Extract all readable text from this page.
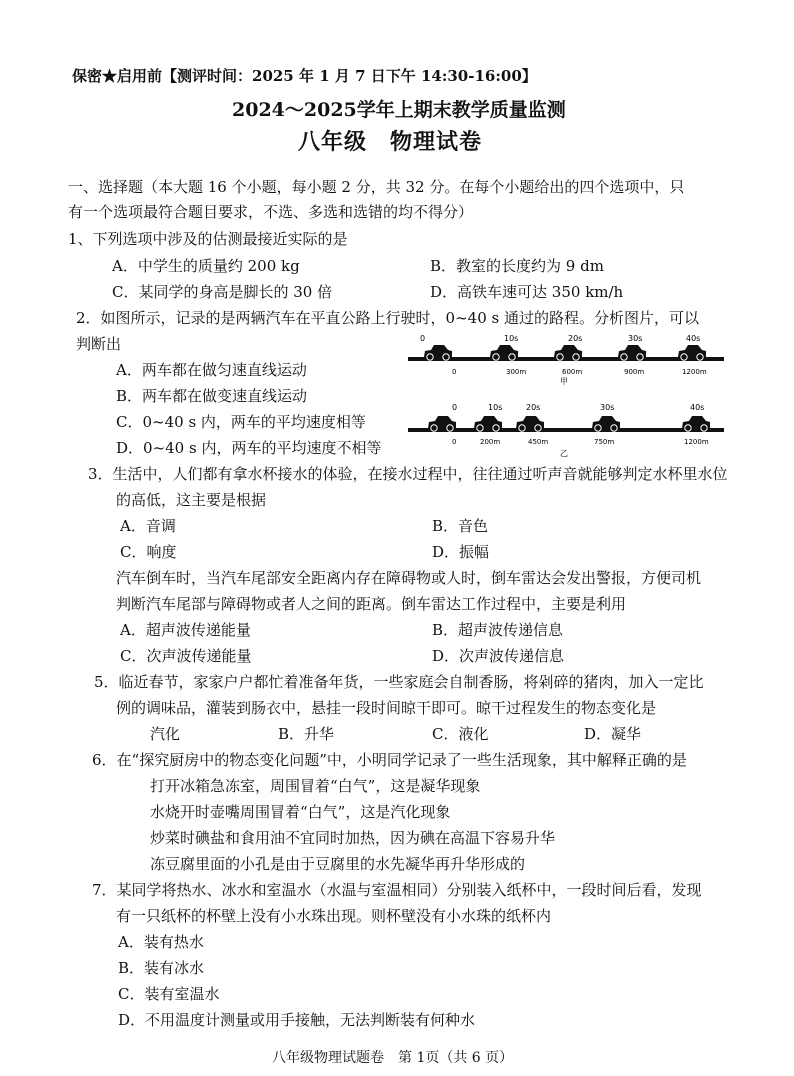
保密★启用前【测评时间：2025 年 1 月 7 日下午 14:30-16:00】
2024～2025学年上期末教学质量监测
八年级　物理试卷
一、选择题（本大题 16 个小题，每小题 2 分，共 32 分。在每个小题给出的四个选项中，只
有一个选项最符合题目要求，不选、多选和选错的均不得分）
1、下列选项中涉及的估测最接近实际的是
A．中学生的质量约 200 kg	B．教室的长度约为 9 dm
C．某同学的身高是脚长的 30 倍	D．高铁车速可达 350 km/h
2．如图所示，记录的是两辆汽车在平直公路上行驶时，0~40 s 通过的路程。分析图片，可以
判断出
A．两车都在做匀速直线运动
B．两车都在做变速直线运动
C．0~40 s 内，两车的平均速度相等
D．0~40 s 内，两车的平均速度不相等
0	10s	20s	30s	40s
0	300m	600m	900m	1200m
甲
0	10s	20s	30s	40s
0	200m	450m	750m	1200m
乙
3．生活中，人们都有拿水杯接水的体验，在接水过程中，往往通过听声音就能够判定水杯里水位
的高低，这主要是根据
A．音调	B．音色
C．响度	D．振幅
汽车倒车时，当汽车尾部安全距离内存在障碍物或人时，倒车雷达会发出警报，方便司机
判断汽车尾部与障碍物或者人之间的距离。倒车雷达工作过程中，主要是利用
A．超声波传递能量	B．超声波传递信息
C．次声波传递能量	D．次声波传递信息
5．临近春节，家家户户都忙着准备年货，一些家庭会自制香肠，将剁碎的猪肉，加入一定比
例的调味品，灌装到肠衣中，悬挂一段时间晾干即可。晾干过程发生的物态变化是
汽化	B．升华	C．液化	D．凝华
6．在“探究厨房中的物态变化问题”中，小明同学记录了一些生活现象，其中解释正确的是
打开冰箱急冻室，周围冒着“白气”，这是凝华现象
水烧开时壶嘴周围冒着“白气”，这是汽化现象
炒菜时碘盐和食用油不宜同时加热，因为碘在高温下容易升华
冻豆腐里面的小孔是由于豆腐里的水先凝华再升华形成的
7．某同学将热水、冰水和室温水（水温与室温相同）分别装入纸杯中，一段时间后看，发现
有一只纸杯的杯壁上没有小水珠出现。则杯壁没有小水珠的纸杯内
A．装有热水
B．装有冰水
C．装有室温水
D．不用温度计测量或用手接触，无法判断装有何种水
八年级物理试题卷　第 1页（共 6 页）
